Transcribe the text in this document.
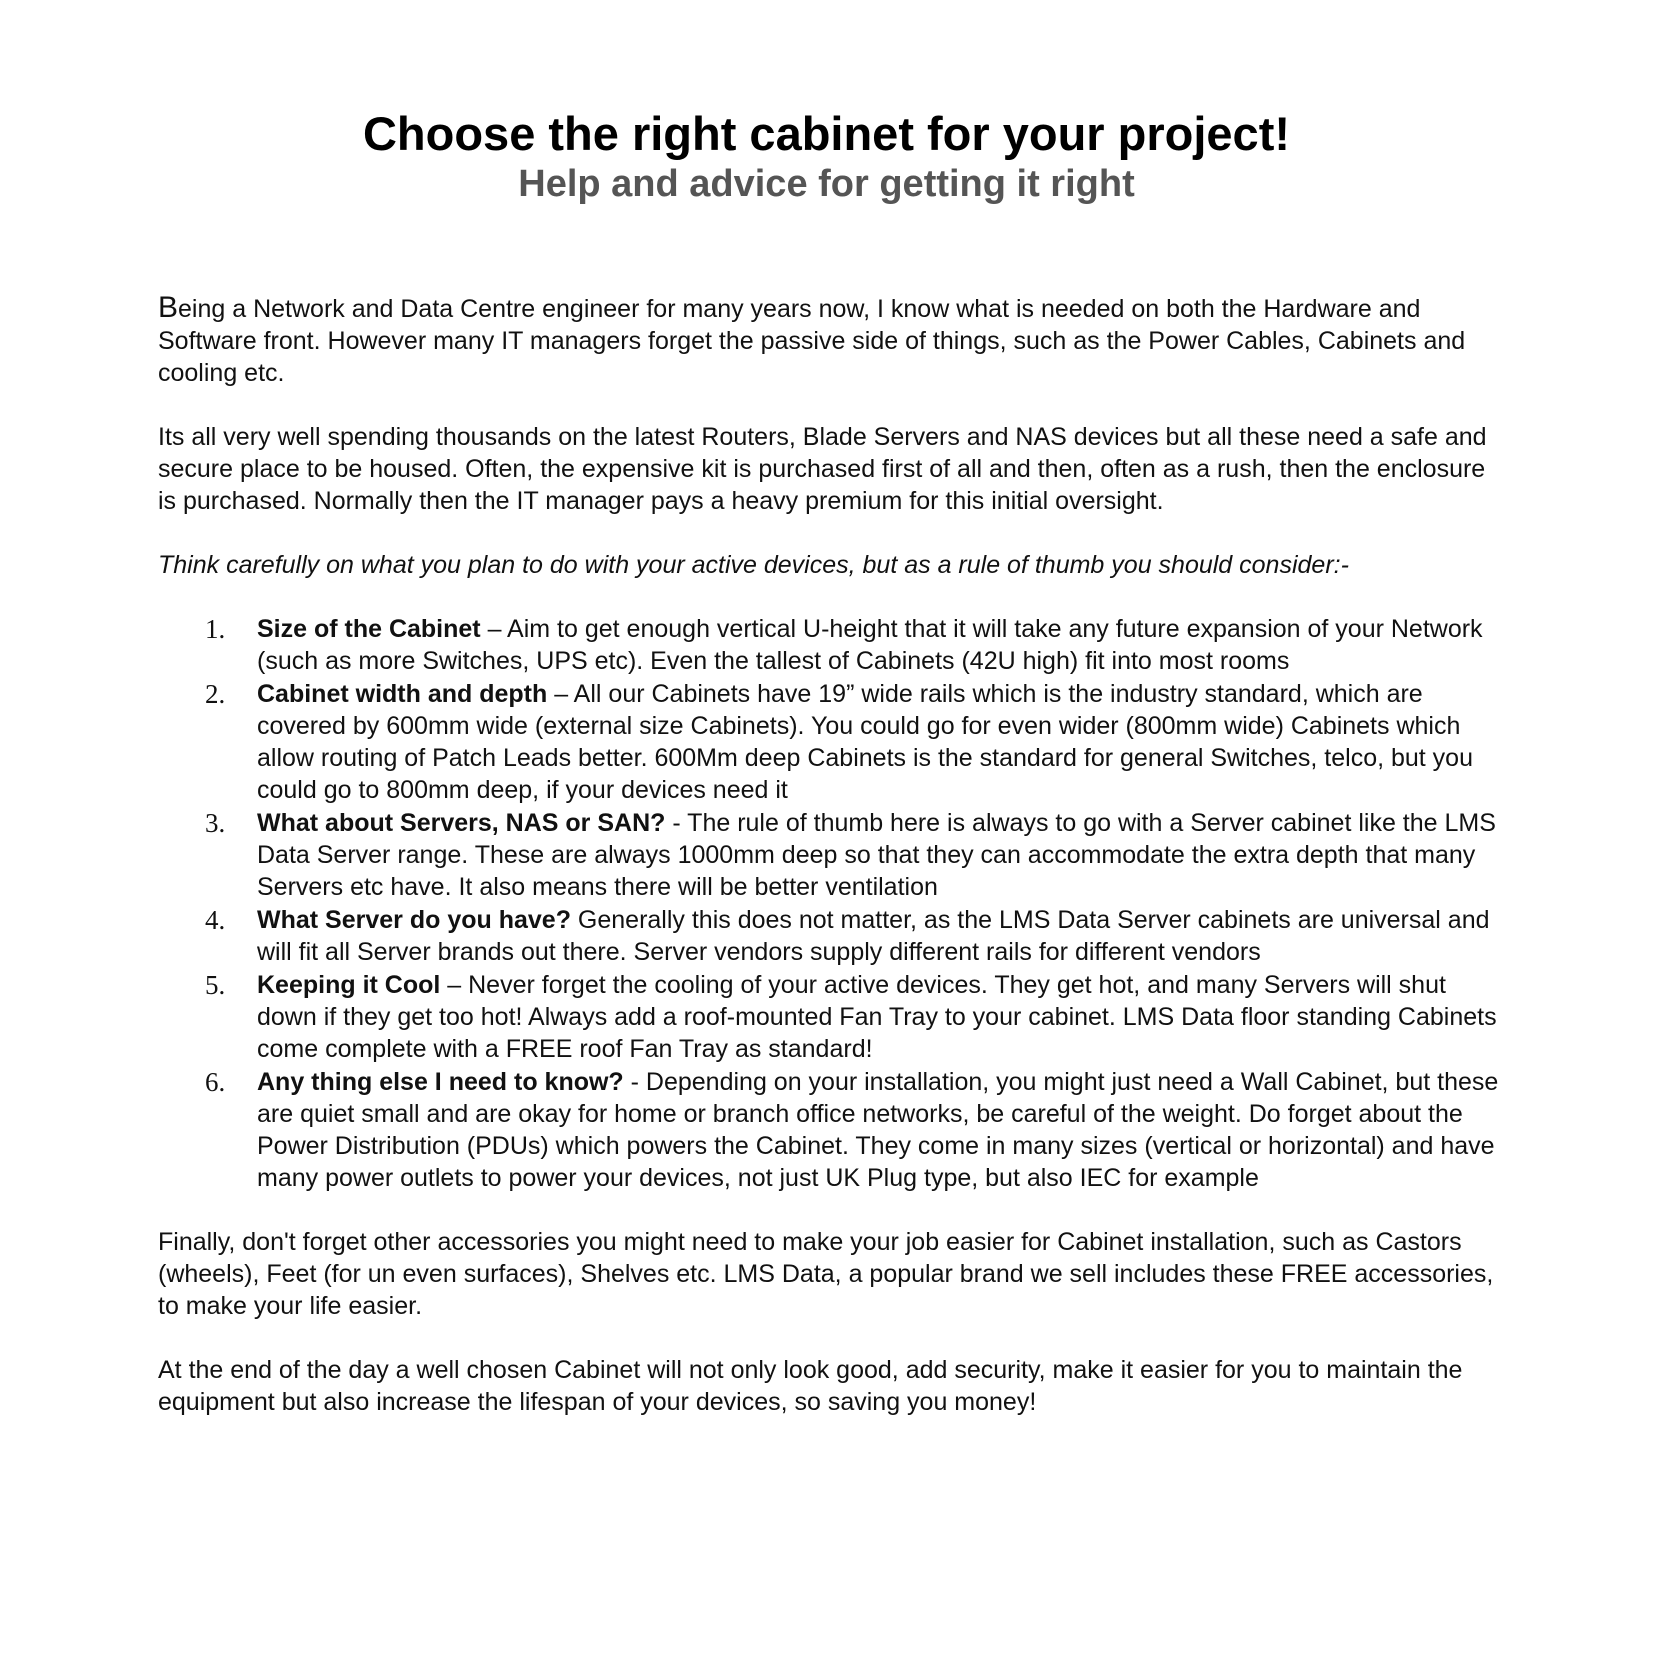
Choose the right cabinet for your project!
Help and advice for getting it right

Being a Network and Data Centre engineer for many years now, I know what is needed on both the Hardware and Software front. However many IT managers forget the passive side of things, such as the Power Cables, Cabinets and cooling etc.

Its all very well spending thousands on the latest Routers, Blade Servers and NAS devices but all these need a safe and secure place to be housed. Often, the expensive kit is purchased first of all and then, often as a rush, then the enclosure is purchased. Normally then the IT manager pays a heavy premium for this initial oversight.

Think carefully on what you plan to do with your active devices, but as a rule of thumb you should consider:-

1. Size of the Cabinet – Aim to get enough vertical U-height that it will take any future expansion of your Network (such as more Switches, UPS etc). Even the tallest of Cabinets (42U high) fit into most rooms
2. Cabinet width and depth – All our Cabinets have 19” wide rails which is the industry standard, which are covered by 600mm wide (external size Cabinets). You could go for even wider (800mm wide) Cabinets which allow routing of Patch Leads better. 600Mm deep Cabinets is the standard for general Switches, telco, but you could go to 800mm deep, if your devices need it
3. What about Servers, NAS or SAN? - The rule of thumb here is always to go with a Server cabinet like the LMS Data Server range. These are always 1000mm deep so that they can accommodate the extra depth that many Servers etc have. It also means there will be better ventilation
4. What Server do you have? Generally this does not matter, as the LMS Data Server cabinets are universal and will fit all Server brands out there. Server vendors supply different rails for different vendors
5. Keeping it Cool – Never forget the cooling of your active devices. They get hot, and many Servers will shut down if they get too hot! Always add a roof-mounted Fan Tray to your cabinet. LMS Data floor standing Cabinets come complete with a FREE roof Fan Tray as standard!
6. Any thing else I need to know? - Depending on your installation, you might just need a Wall Cabinet, but these are quiet small and are okay for home or branch office networks, be careful of the weight. Do forget about the Power Distribution (PDUs) which powers the Cabinet. They come in many sizes (vertical or horizontal) and have many power outlets to power your devices, not just UK Plug type, but also IEC for example

Finally, don't forget other accessories you might need to make your job easier for Cabinet installation, such as Castors (wheels), Feet (for un even surfaces), Shelves etc. LMS Data, a popular brand we sell includes these FREE accessories, to make your life easier.

At the end of the day a well chosen Cabinet will not only look good, add security, make it easier for you to maintain the equipment but also increase the lifespan of your devices, so saving you money!
